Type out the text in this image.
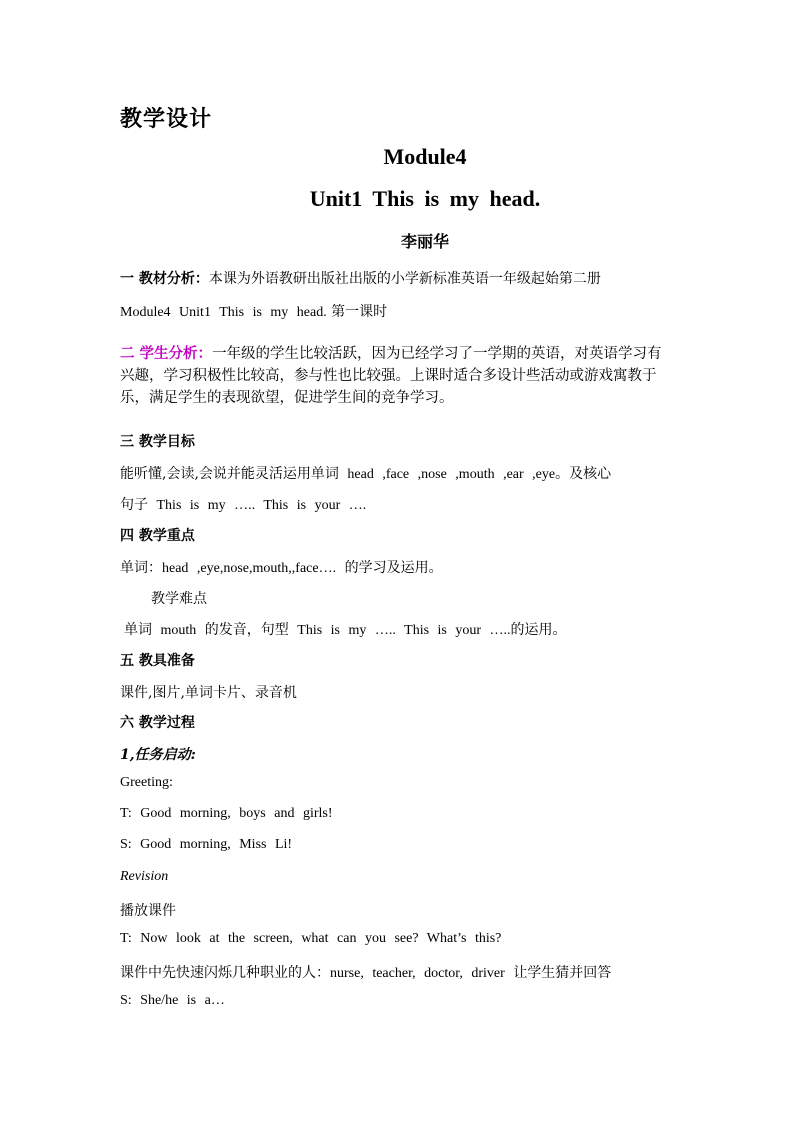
教学设计
Module4
Unit1 This is my head.
李丽华
一 教材分析：本课为外语教研出版社出版的小学新标准英语一年级起始第二册
Module4 Unit1 This is my head. 第一课时
二 学生分析：一年级的学生比较活跃，因为已经学习了一学期的英语，对英语学习有兴趣，学习积极性比较高，参与性也比较强。上课时适合多设计些活动或游戏寓教于乐，满足学生的表现欲望，促进学生间的竞争学习。
三 教学目标
能听懂,会读,会说并能灵活运用单词 head ,face ,nose ,mouth ,ear ,eye。及核心
句子 This is my ….. This is your ….
四 教学重点
单词：head ,eye,nose,mouth,,face…. 的学习及运用。
教学难点
单词 mouth 的发音，句型 This is my ….. This is your …..的运用。
五 教具准备
课件,图片,单词卡片、录音机
六 教学过程
1,任务启动:
Greeting:
T: Good morning, boys and girls!
S: Good morning, Miss Li!
Revision
播放课件
T: Now look at the screen, what can you see? What’s this?
课件中先快速闪烁几种职业的人：nurse, teacher, doctor, driver 让学生猜并回答
S: She/he is a…
